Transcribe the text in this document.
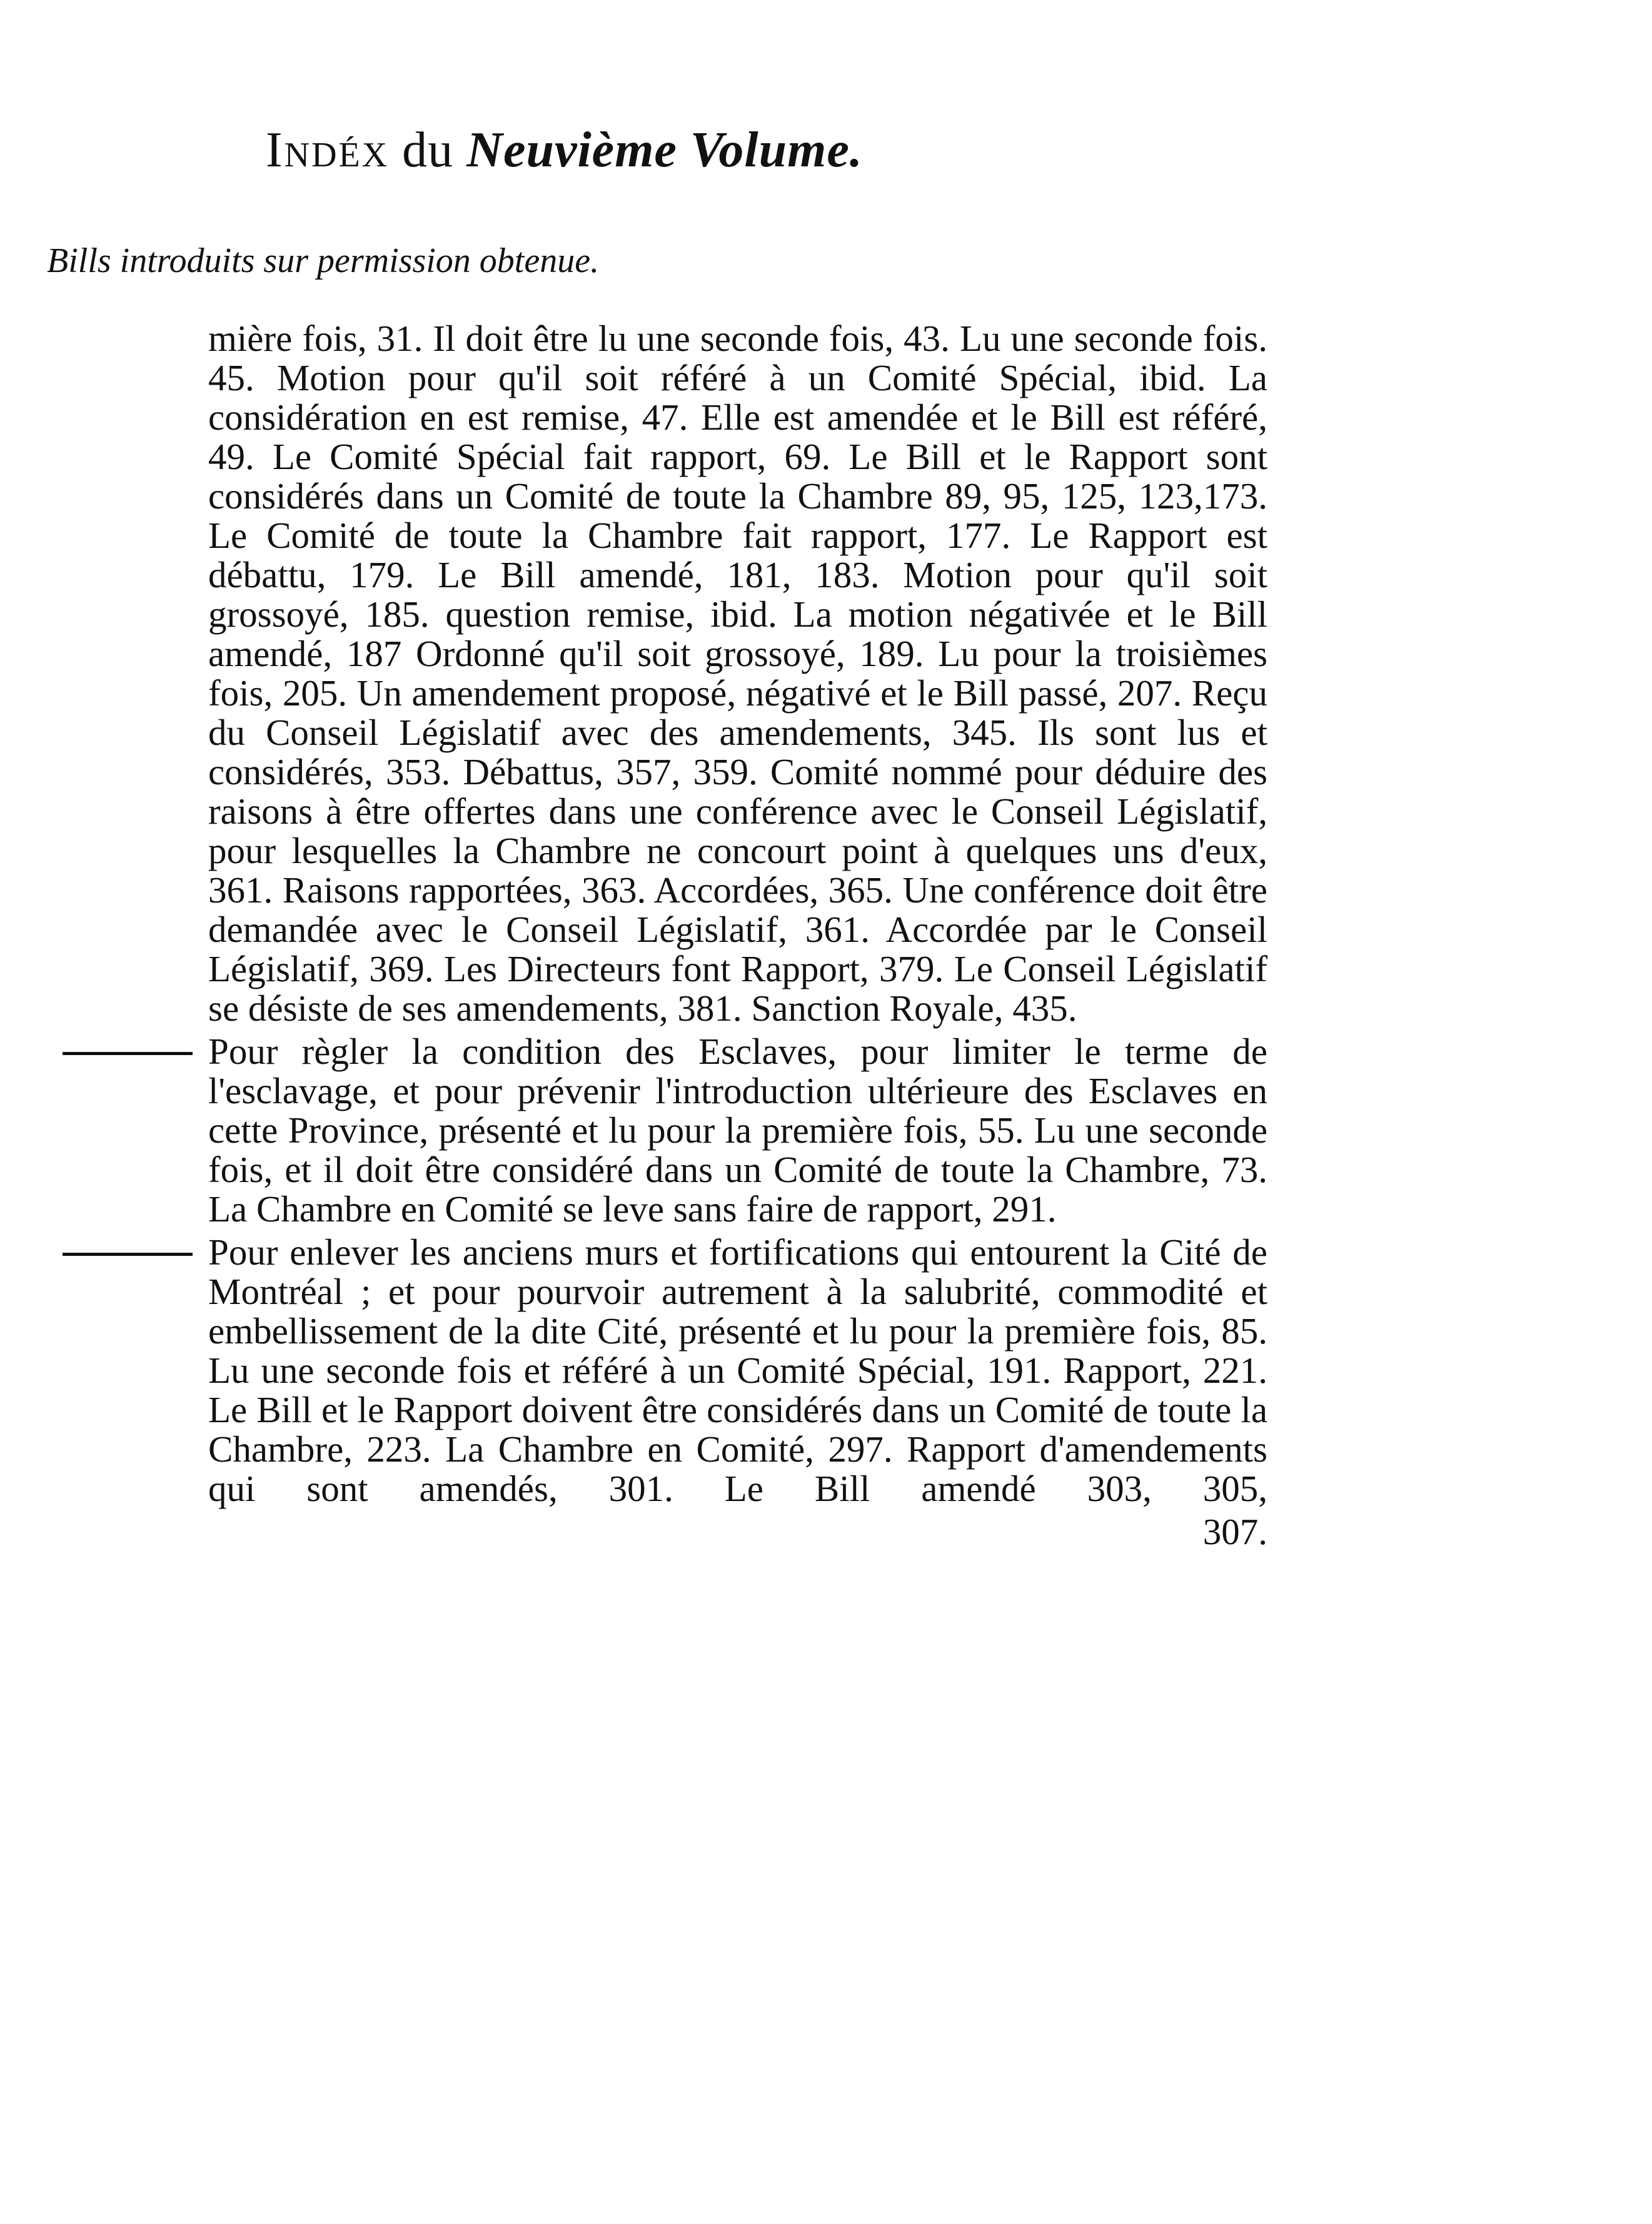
Indéx du Neuvième Volume.
Bills introduits sur permission obtenue.
mière fois, 31. Il doit être lu une seconde fois, 43. Lu une seconde fois. 45. Motion pour qu'il soit référé à un Comité Spécial, ibid. La considération en est remise, 47. Elle est amendée et le Bill est référé, 49. Le Comité Spécial fait rapport, 69. Le Bill et le Rapport sont considérés dans un Comité de toute la Chambre 89, 95, 125, 123,173. Le Comité de toute la Chambre fait rapport, 177. Le Rapport est débattu, 179. Le Bill amendé, 181, 183. Motion pour qu'il soit grossoyé, 185. question remise, ibid. La motion négativée et le Bill amendé, 187 Ordonné qu'il soit grossoyé, 189. Lu pour la troisièmes fois, 205. Un amendement proposé, négativé et le Bill passé, 207. Reçu du Conseil Législatif avec des amendements, 345. Ils sont lus et considérés, 353. Débattus, 357, 359. Comité nommé pour déduire des raisons à être offertes dans une conférence avec le Conseil Législatif, pour lesquelles la Chambre ne concourt point à quelques uns d'eux, 361. Raisons rapportées, 363. Accordées, 365. Une conférence doit être demandée avec le Conseil Législatif, 361. Accordée par le Conseil Législatif, 369. Les Directeurs font Rapport, 379. Le Conseil Législatif se désiste de ses amendements, 381. Sanction Royale, 435.
Pour règler la condition des Esclaves, pour limiter le terme de l'esclavage, et pour prévenir l'introduction ultérieure des Esclaves en cette Province, présenté et lu pour la première fois, 55. Lu une seconde fois, et il doit être considéré dans un Comité de toute la Chambre, 73. La Chambre en Comité se leve sans faire de rapport, 291.
Pour enlever les anciens murs et fortifications qui entourent la Cité de Montréal ; et pour pourvoir autrement à la salubrité, commodité et embellissement de la dite Cité, présenté et lu pour la première fois, 85. Lu une seconde fois et référé à un Comité Spécial, 191. Rapport, 221. Le Bill et le Rapport doivent être considérés dans un Comité de toute la Chambre, 223. La Chambre en Comité, 297. Rapport d'amendements qui sont amendés, 301. Le Bill amendé 303, 305,
307.
